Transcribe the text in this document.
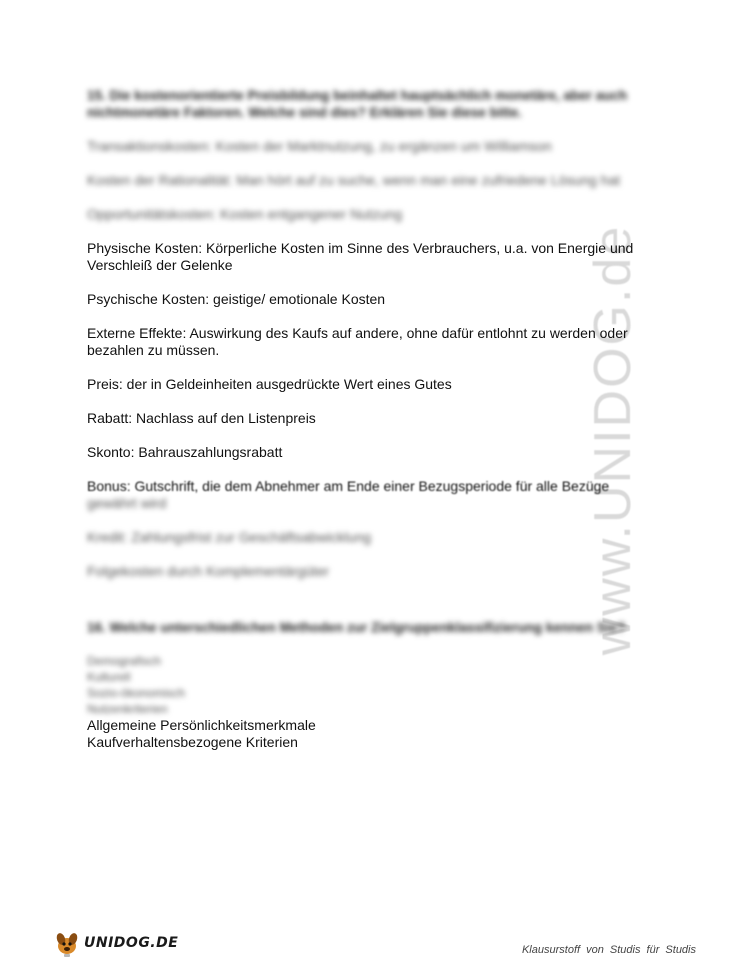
www.UNIDOG.de

15. Die kostenorientierte Preisbildung beinhaltet hauptsächlich monetäre, aber auch nichtmonetäre Faktoren. Welche sind dies? Erklären Sie diese bitte.

Transaktionskosten: Kosten der Marktnutzung, zu ergänzen um Williamson

Kosten der Rationalität: Man hört auf zu suche, wenn man eine zufriedene Lösung hat

Opportunitätskosten: Kosten entgangener Nutzung

Physische Kosten: Körperliche Kosten im Sinne des Verbrauchers, u.a. von Energie und Verschleiß der Gelenke

Psychische Kosten: geistige/ emotionale Kosten

Externe Effekte: Auswirkung des Kaufs auf andere, ohne dafür entlohnt zu werden oder bezahlen zu müssen.

Preis: der in Geldeinheiten ausgedrückte Wert eines Gutes

Rabatt: Nachlass auf den Listenpreis

Skonto: Bahrauszahlungsrabatt

Bonus: Gutschrift, die dem Abnehmer am Ende einer Bezugsperiode für alle Bezüge
gewährt wird

Kredit: Zahlungsfrist zur Geschäftsabwicklung

Folgekosten durch Komplementärgüter

16. Welche unterschiedlichen Methoden zur Zielgruppenklassifizierung kennen Sie?

Demografisch
Kulturell
Sozio-ökonomisch
Nutzenkriterien
Allgemeine Persönlichkeitsmerkmale
Kaufverhaltensbezogene Kriterien
UNIDOG.DE	Klausurstoff von Studis für Studis
